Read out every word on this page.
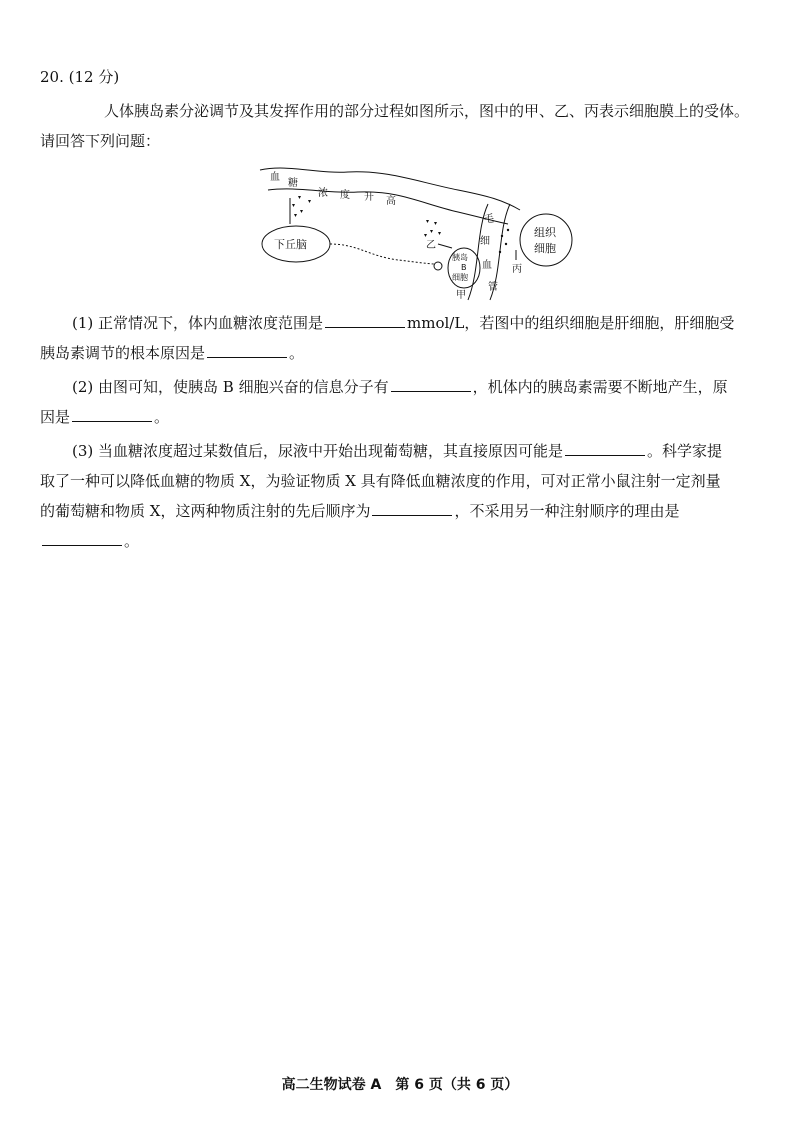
20. (12 分)
人体胰岛素分泌调节及其发挥作用的部分过程如图所示，图中的甲、乙、丙表示细胞膜上的受体。
请回答下列问题：
血
糖
浓 度 升 高
下丘脑
胰岛
B
细胞
乙
甲
毛
细
血
管
组织
细胞
丙
(1) 正常情况下，体内血糖浓度范围是	mmol/L，若图中的组织细胞是肝细胞，肝细胞受
胰岛素调节的根本原因是	。
(2) 由图可知，使胰岛 B 细胞兴奋的信息分子有	，机体内的胰岛素需要不断地产生，原
因是	。
(3) 当血糖浓度超过某数值后，尿液中开始出现葡萄糖，其直接原因可能是	。科学家提
取了一种可以降低血糖的物质 X，为验证物质 X 具有降低血糖浓度的作用，可对正常小鼠注射一定剂量
的葡萄糖和物质 X，这两种物质注射的先后顺序为	，不采用另一种注射顺序的理由是
。
高二生物试卷 A　第 6 页（共 6 页）
